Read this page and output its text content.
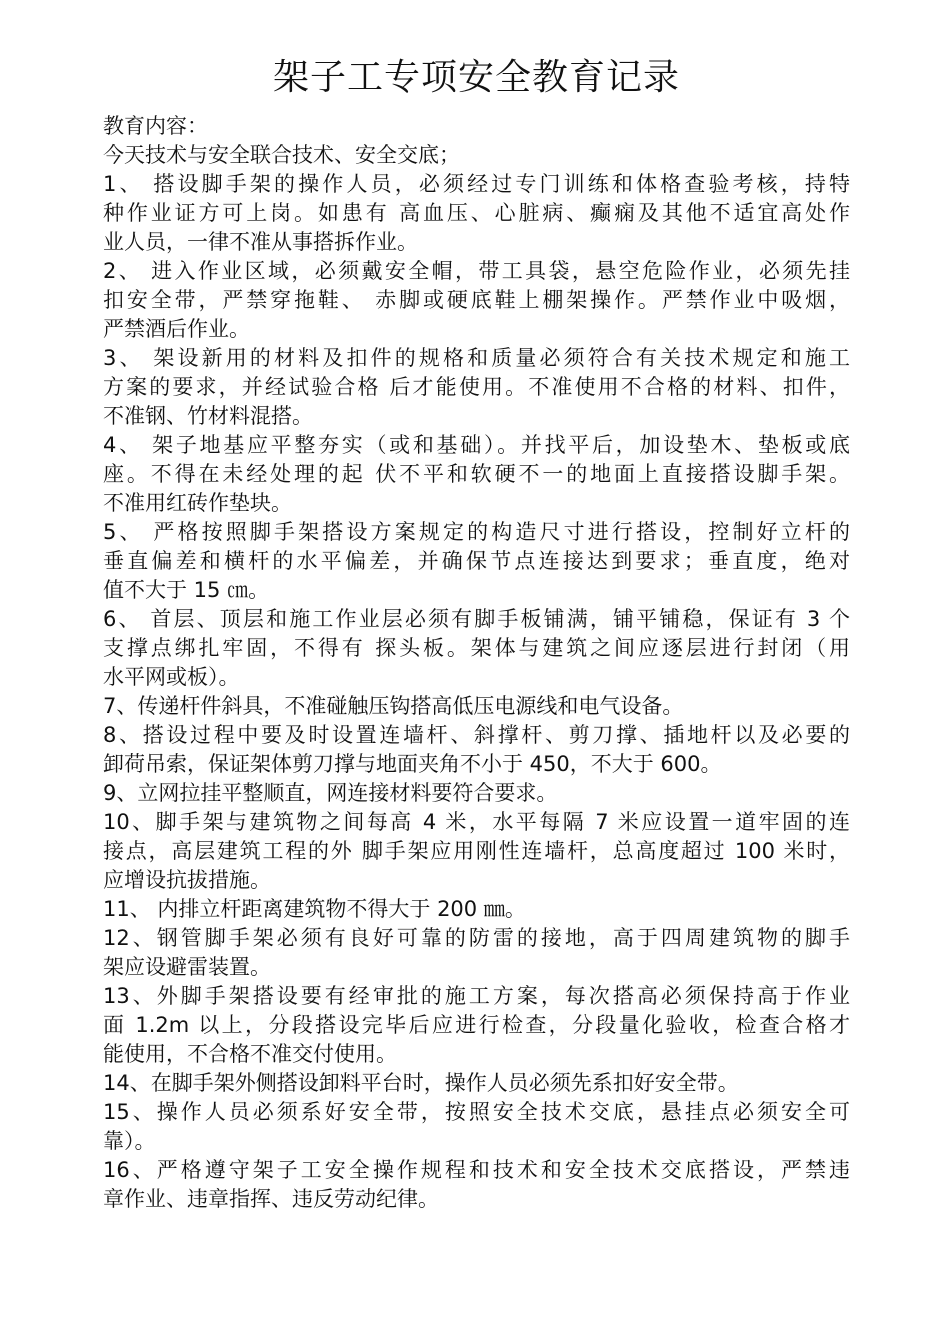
架子工专项安全教育记录
教育内容：
今天技术与安全联合技术、安全交底；
1、 搭设脚手架的操作人员，必须经过专门训练和体格查验考核，持特
种作业证方可上岗。如患有 高血压、心脏病、癫痫及其他不适宜高处作
业人员，一律不准从事搭拆作业。
2、 进入作业区域，必须戴安全帽，带工具袋，悬空危险作业，必须先挂
扣安全带，严禁穿拖鞋、 赤脚或硬底鞋上棚架操作。严禁作业中吸烟，
严禁酒后作业。
3、 架设新用的材料及扣件的规格和质量必须符合有关技术规定和施工
方案的要求，并经试验合格 后才能使用。不准使用不合格的材料、扣件，
不准钢、竹材料混搭。
4、 架子地基应平整夯实（或和基础）。并找平后，加设垫木、垫板或底
座。不得在未经处理的起 伏不平和软硬不一的地面上直接搭设脚手架。
不准用红砖作垫块。
5、 严格按照脚手架搭设方案规定的构造尺寸进行搭设，控制好立杆的
垂直偏差和横杆的水平偏差，并确保节点连接达到要求；垂直度，绝对
值不大于 15 ㎝。
6、 首层、顶层和施工作业层必须有脚手板铺满，铺平铺稳，保证有 3 个
支撑点绑扎牢固，不得有 探头板。架体与建筑之间应逐层进行封闭（用
水平网或板）。
7、传递杆件斜具，不准碰触压钩搭高低压电源线和电气设备。
8、搭设过程中要及时设置连墙杆、斜撑杆、剪刀撑、插地杆以及必要的
卸荷吊索，保证架体剪刀撑与地面夹角不小于 450，不大于 600。
9、立网拉挂平整顺直，网连接材料要符合要求。
10、脚手架与建筑物之间每高 4 米，水平每隔 7 米应设置一道牢固的连
接点，高层建筑工程的外 脚手架应用刚性连墙杆，总高度超过 100 米时，
应增设抗拔措施。
11、 内排立杆距离建筑物不得大于 200 ㎜。
12、钢管脚手架必须有良好可靠的防雷的接地，高于四周建筑物的脚手
架应设避雷装置。
13、外脚手架搭设要有经审批的施工方案，每次搭高必须保持高于作业
面 1.2m 以上，分段搭设完毕后应进行检查，分段量化验收，检查合格才
能使用，不合格不准交付使用。
14、在脚手架外侧搭设卸料平台时，操作人员必须先系扣好安全带。
15、操作人员必须系好安全带，按照安全技术交底，悬挂点必须安全可
靠）。
16、严格遵守架子工安全操作规程和技术和安全技术交底搭设，严禁违
章作业、违章指挥、违反劳动纪律。
